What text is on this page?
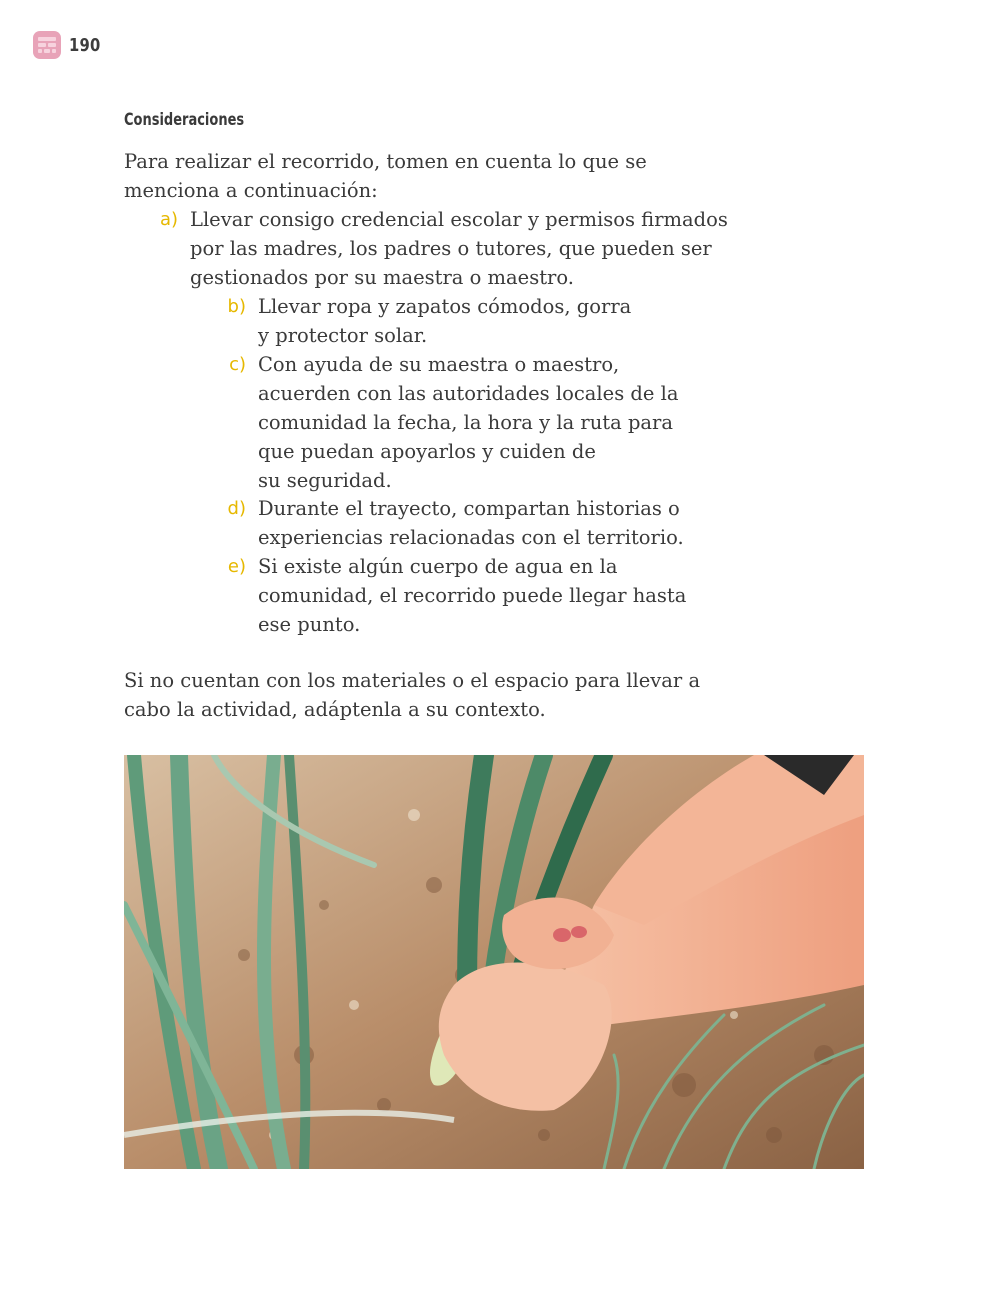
190
Consideraciones
Para realizar el recorrido, tomen en cuenta lo que se menciona a continuación:
a) Llevar consigo credencial escolar y permisos firmados
por las madres, los padres o tutores, que pueden ser
gestionados por su maestra o maestro.
b) Llevar ropa y zapatos cómodos, gorra
y protector solar.
c) Con ayuda de su maestra o maestro,
acuerden con las autoridades locales de la
comunidad la fecha, la hora y la ruta para
que puedan apoyarlos y cuiden de
su seguridad.
d) Durante el trayecto, compartan historias o
experiencias relacionadas con el territorio.
e) Si existe algún cuerpo de agua en la
comunidad, el recorrido puede llegar hasta
ese punto.
Si no cuentan con los materiales o el espacio para llevar a
cabo la actividad, adáptenla a su contexto.
